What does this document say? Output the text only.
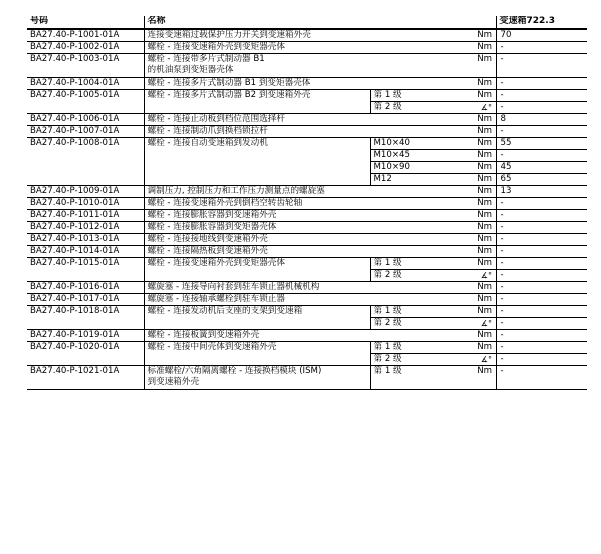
号码	名称			变速箱722.3
BA27.40-P-1001-01A	连接变速箱过载保护压力开关到变速箱外壳		Nm		70
BA27.40-P-1002-01A	螺栓 - 连接变速箱外壳到变矩器壳体		Nm		-
BA27.40-P-1003-01A	螺栓 - 连接带多片式制动器 B1
的机油泵到变矩器壳体		Nm		-
BA27.40-P-1004-01A	螺栓 - 连接多片式制动器 B1 到变矩器壳体		Nm		-
BA27.40-P-1005-01A	螺栓 - 连接多片式制动器 B2 到变速箱外壳	第 1 级	Nm		-
		第 2 级	∡°		-
BA27.40-P-1006-01A	螺栓 - 连接止动板到档位范围选择杆		Nm		8
BA27.40-P-1007-01A	螺栓 - 连接制动爪到换档锁拉杆		Nm		-
BA27.40-P-1008-01A	螺栓 - 连接自动变速箱到发动机	M10×40	Nm		55
		M10×45	Nm		-
		M10×90	Nm		45
		M12	Nm		65
BA27.40-P-1009-01A	调制压力, 控制压力和工作压力测量点的螺旋塞		Nm		13
BA27.40-P-1010-01A	螺栓 - 连接变速箱外壳到倒档空转齿轮轴		Nm		-
BA27.40-P-1011-01A	螺栓 - 连接膨胀容器到变速箱外壳		Nm		-
BA27.40-P-1012-01A	螺栓 - 连接膨胀容器到变矩器壳体		Nm		-
BA27.40-P-1013-01A	螺栓 - 连接接地线到变速箱外壳		Nm		-
BA27.40-P-1014-01A	螺栓 - 连接隔热板到变速箱外壳		Nm		-
BA27.40-P-1015-01A	螺栓 - 连接变速箱外壳到变矩器壳体	第 1 级	Nm		-
		第 2 级	∡°		-
BA27.40-P-1016-01A	螺旋塞 - 连接导向衬套到驻车锁止器机械机构		Nm		-
BA27.40-P-1017-01A	螺旋塞 - 连接轴承螺栓到驻车锁止器		Nm		-
BA27.40-P-1018-01A	螺栓 - 连接发动机后支座的支架到变速箱	第 1 级	Nm		-
		第 2 级	∡°		-
BA27.40-P-1019-01A	螺栓 - 连接板簧到变速箱外壳		Nm		-
BA27.40-P-1020-01A	螺栓 - 连接中间壳体到变速箱外壳	第 1 级	Nm		-
		第 2 级	∡°		-
BA27.40-P-1021-01A	标准螺栓/六角隔离螺栓 - 连接换档模块 (ISM)
到变速箱外壳	第 1 级	Nm		-
